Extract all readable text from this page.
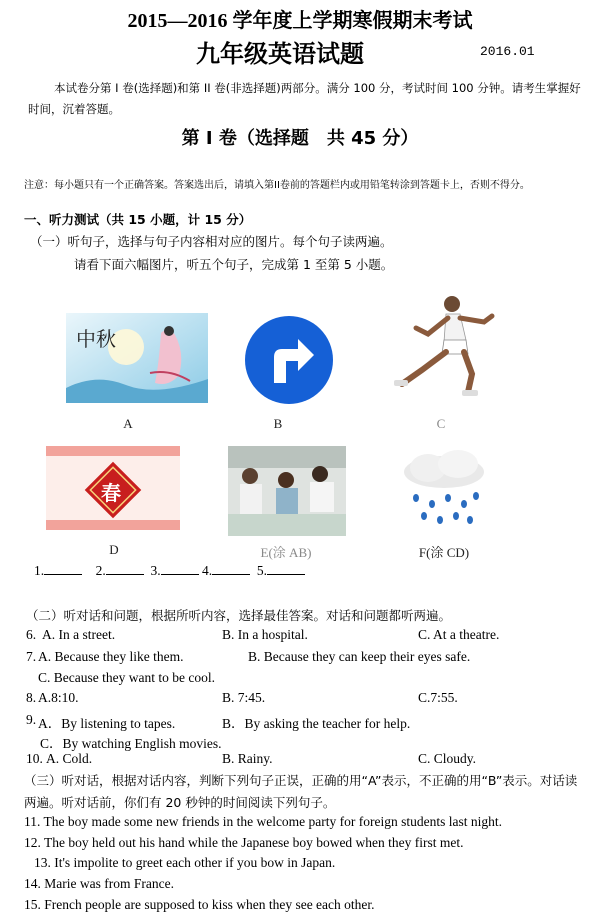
2015—2016 学年度上学期寒假期末考试
九年级英语试题	2016.01
本试卷分第 I 卷(选择题)和第 II 卷(非选择题)两部分。满分 100 分，考试时间 100 分钟。请考生掌握好时间，沉着答题。
第 I 卷（选择题　共 45 分）
注意：每小题只有一个正确答案。答案选出后，请填入第II卷前的答题栏内或用铅笔转涂到答题卡上，否则不得分。
一、听力测试（共 15 小题，计 15 分）
（一）听句子，选择与句子内容相对应的图片。每个句子读两遍。
请看下面六幅图片，听五个句子，完成第 1 至第 5 小题。
中秋
A	B	C
春
D	E(涂 AB)	F(涂 CD)
1.	2.	3.	4.	5.
（二）听对话和问题，根据所听内容，选择最佳答案。对话和问题都听两遍。
6. A. In a street.	B. In a hospital.	C. At a theatre.
7. A. Because they like them.	B. Because they can keep their eyes safe.
C. Because they want to be cool.
8. A.8:10.	B. 7:45.	C.7:55.
9. A．By listening to tapes.	B．By asking the teacher for help.
C．By watching English movies.
10. A. Cold.	B. Rainy.	C. Cloudy.
（三）听对话，根据对话内容，判断下列句子正误，正确的用“A”表示，不正确的用“B”表示。对话读两遍。听对话前，你们有 20 秒钟的时间阅读下列句子。
11. The boy made some new friends in the welcome party for foreign students last night.
12. The boy held out his hand while the Japanese boy bowed when they first met.
13. It's impolite to greet each other if you bow in Japan.
14. Marie was from France.
15. French people are supposed to kiss when they see each other.
